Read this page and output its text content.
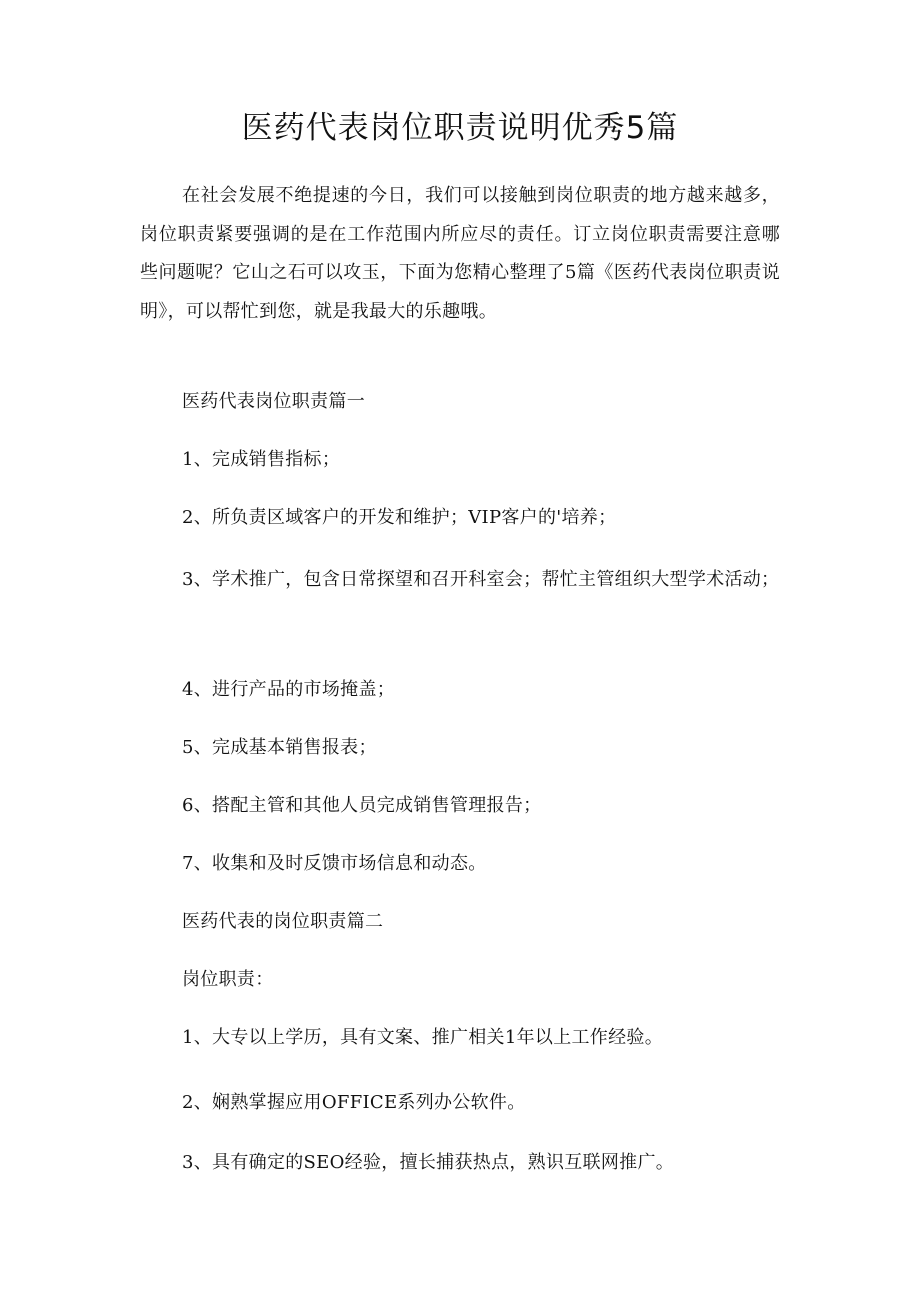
医药代表岗位职责说明优秀5篇

在社会发展不绝提速的今日，我们可以接触到岗位职责的地方越来越多，岗位职责紧要强调的是在工作范围内所应尽的责任。订立岗位职责需要注意哪些问题呢？它山之石可以攻玉，下面为您精心整理了5篇《医药代表岗位职责说明》，可以帮忙到您，就是我最大的乐趣哦。

医药代表岗位职责篇一

1、完成销售指标；

2、所负责区域客户的开发和维护；VIP客户的'培养；

3、学术推广，包含日常探望和召开科室会；帮忙主管组织大型学术活动；

4、进行产品的市场掩盖；

5、完成基本销售报表；

6、搭配主管和其他人员完成销售管理报告；

7、收集和及时反馈市场信息和动态。

医药代表的岗位职责篇二

岗位职责：

1、大专以上学历，具有文案、推广相关1年以上工作经验。

2、娴熟掌握应用OFFICE系列办公软件。

3、具有确定的SEO经验，擅长捕获热点，熟识互联网推广。
